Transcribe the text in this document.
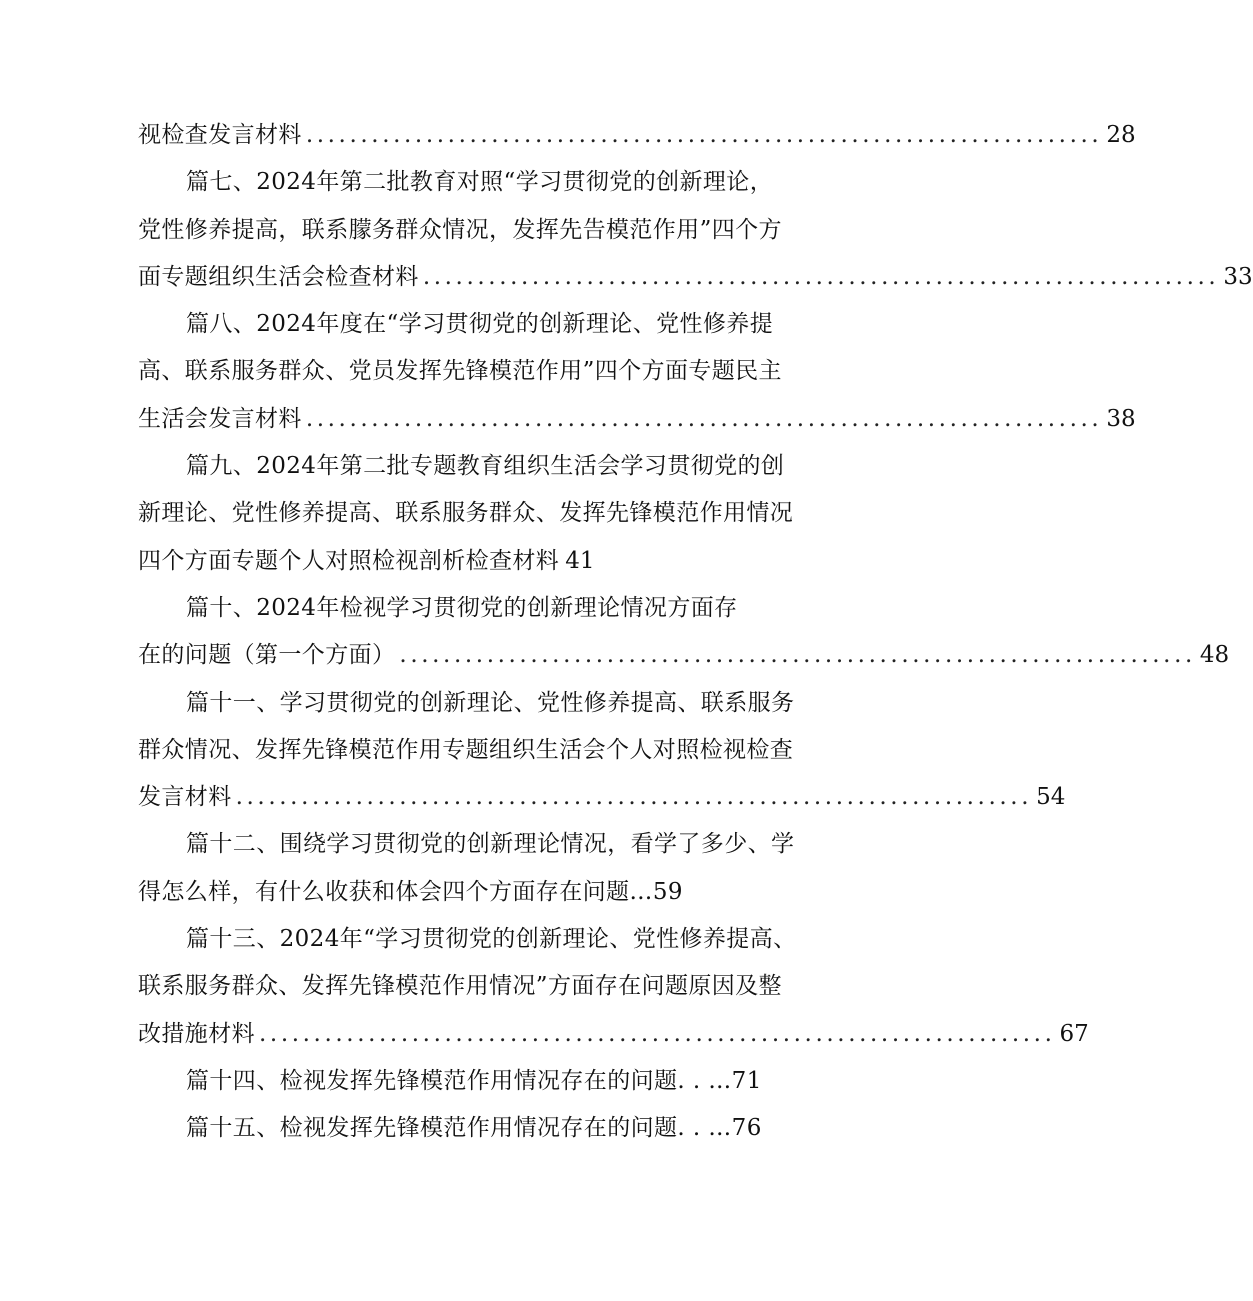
视检查发言材料 ......................................................................... 28
篇七、2024年第二批教育对照“学习贯彻党的创新理论，
党性修养提高，联系朦务群众情况，发挥先告模范作用”四个方
面专题组织生活会检查材料 ......................................................................... 33
篇八、2024年度在“学习贯彻党的创新理论、党性修养提
高、联系服务群众、党员发挥先锋模范作用”四个方面专题民主
生活会发言材料 ......................................................................... 38
篇九、2024年第二批专题教育组织生活会学习贯彻党的创
新理论、党性修养提高、联系服务群众、发挥先锋模范作用情况
四个方面专题个人对照检视剖析检查材料 41
篇十、2024年检视学习贯彻党的创新理论情况方面存
在的问题（第一个方面） ......................................................................... 48
篇十一、学习贯彻党的创新理论、党性修养提高、联系服务
群众情况、发挥先锋模范作用专题组织生活会个人对照检视检查
发言材料 ......................................................................... 54
篇十二、围绕学习贯彻党的创新理论情况，看学了多少、学
得怎么样，有什么收获和体会四个方面存在问题…59
篇十三、2024年“学习贯彻党的创新理论、党性修养提高、
联系服务群众、发挥先锋模范作用情况”方面存在问题原因及整
改措施材料 ......................................................................... 67
篇十四、检视发挥先锋模范作用情况存在的问题. . …71
篇十五、检视发挥先锋模范作用情况存在的问题. . …76
